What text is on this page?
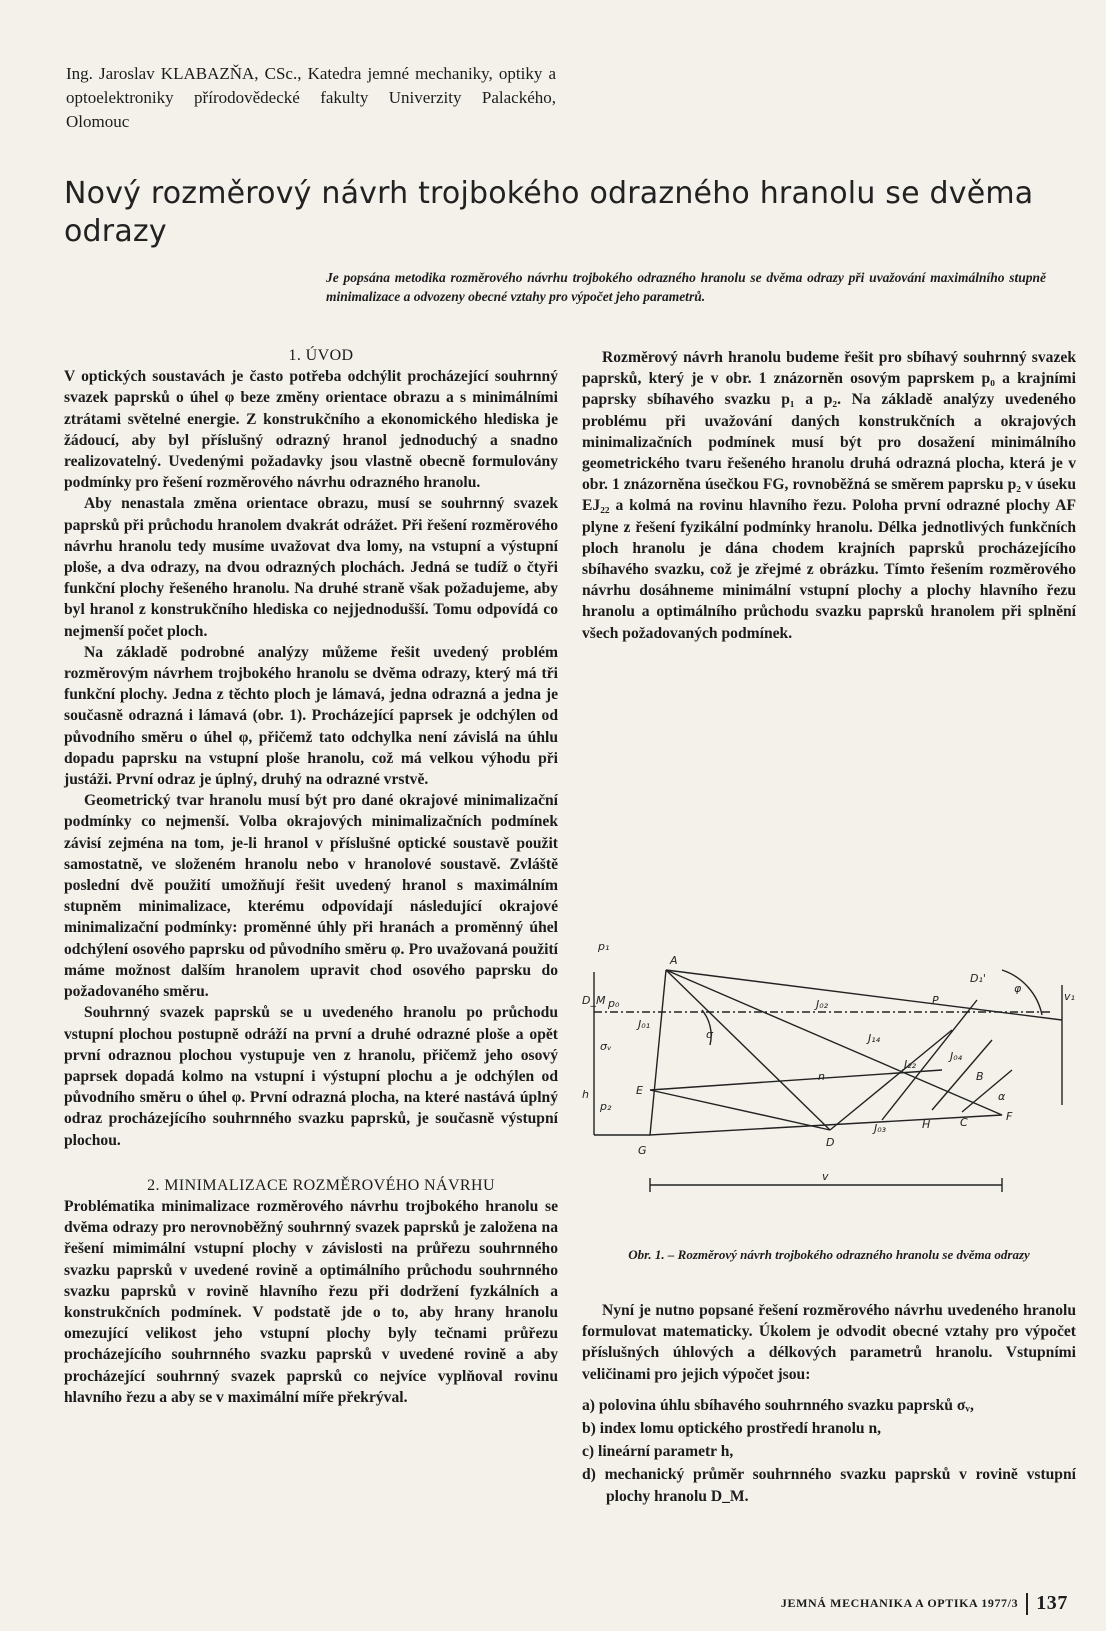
Ing. Jaroslav KLABAZŇA, CSc., Katedra jemné mechaniky, optiky a optoelektroniky přírodovědecké fakulty Univerzity Palackého, Olomouc
Nový rozměrový návrh trojbokého odrazného hranolu se dvěma odrazy
Je popsána metodika rozměrového návrhu trojbokého odrazného hranolu se dvěma odrazy při uvažování maximálního stupně minimalizace a odvozeny obecné vztahy pro výpočet jeho parametrů.

1. ÚVOD

V optických soustavách je často potřeba odchýlit procházející souhrnný svazek paprsků o úhel φ beze změny orientace obrazu a s minimálními ztrátami světelné energie. Z konstrukčního a ekonomického hlediska je žádoucí, aby byl příslušný odrazný hranol jednoduchý a snadno realizovatelný. Uvedenými požadavky jsou vlastně obecně formulovány podmínky pro řešení rozměrového návrhu odrazného hranolu.

Aby nenastala změna orientace obrazu, musí se souhrnný svazek paprsků při průchodu hranolem dvakrát odrážet. Při řešení rozměrového návrhu hranolu tedy musíme uvažovat dva lomy, na vstupní a výstupní ploše, a dva odrazy, na dvou odrazných plochách. Jedná se tudíž o čtyři funkční plochy řešeného hranolu. Na druhé straně však požadujeme, aby byl hranol z konstrukčního hlediska co nejjednodušší. Tomu odpovídá co nejmenší počet ploch.

Na základě podrobné analýzy můžeme řešit uvedený problém rozměrovým návrhem trojbokého hranolu se dvěma odrazy, který má tři funkční plochy. Jedna z těchto ploch je lámavá, jedna odrazná a jedna je současně odrazná i lámavá (obr. 1). Procházející paprsek je odchýlen od původního směru o úhel φ, přičemž tato odchylka není závislá na úhlu dopadu paprsku na vstupní ploše hranolu, což má velkou výhodu při justáži. První odraz je úplný, druhý na odrazné vrstvě.

Geometrický tvar hranolu musí být pro dané okrajové minimalizační podmínky co nejmenší. Volba okrajových minimalizačních podmínek závisí zejména na tom, je-li hranol v příslušné optické soustavě použit samostatně, ve složeném hranolu nebo v hranolové soustavě. Zvláště poslední dvě použití umožňují řešit uvedený hranol s maximálním stupněm minimalizace, kterému odpovídají následující okrajové minimalizační podmínky: proměnné úhly při hranách a proměnný úhel odchýlení osového paprsku od původního směru φ. Pro uvažovaná použití máme možnost dalším hranolem upravit chod osového paprsku do požadovaného směru.

Souhrnný svazek paprsků se u uvedeného hranolu po průchodu vstupní plochou postupně odráží na první a druhé odrazné ploše a opět první odraznou plochou vystupuje ven z hranolu, přičemž jeho osový paprsek dopadá kolmo na vstupní i výstupní plochu a je odchýlen od původního směru o úhel φ. První odrazná plocha, na které nastává úplný odraz procházejícího souhrnného svazku paprsků, je současně výstupní plochou.

2. MINIMALIZACE ROZMĚROVÉHO NÁVRHU

Problématika minimalizace rozměrového návrhu trojbokého hranolu se dvěma odrazy pro nerovnoběžný souhrnný svazek paprsků je založena na řešení mimimální vstupní plochy v závislosti na průřezu souhrnného svazku paprsků v uvedené rovině a optimálního průchodu souhrnného svazku paprsků v rovině hlavního řezu při dodržení fyzkálních a konstrukčních podmínek. V podstatě jde o to, aby hrany hranolu omezující velikost jeho vstupní plochy byly tečnami průřezu procházejícího souhrnného svazku paprsků v uvedené rovině a aby procházející souhrnný svazek paprsků co nejvíce vyplňoval rovinu hlavního řezu a aby se v maximální míře překrýval.

Rozměrový návrh hranolu budeme řešit pro sbíhavý souhrnný svazek paprsků, který je v obr. 1 znázorněn osovým paprskem p₀ a krajními paprsky sbíhavého svazku p₁ a p₂. Na základě analýzy uvedeného problému při uvažování daných konstrukčních a okrajových minimalizačních podmínek musí být pro dosažení minimálního geometrického tvaru řešeného hranolu druhá odrazná plocha, která je v obr. 1 znázorněna úsečkou FG, rovnoběžná se směrem paprsku p₂ v úseku EJ₂₂ a kolmá na rovinu hlavního řezu. Poloha první odrazné plochy AF plyne z řešení fyzikální podmínky hranolu. Délka jednotlivých funkčních ploch hranolu je dána chodem krajních paprsků procházejícího sbíhavého svazku, což je zřejmé z obrázku. Tímto řešením rozměrového návrhu dosáhneme minimální vstupní plochy a plochy hlavního řezu hranolu a optimálního průchodu svazku paprsků hranolem při splnění všech požadovaných podmínek.

p₁
A
p₀
J₀₁
J₀₂	P	v₁
φ
D₁'
σ
σᵥ
J₁₄
J₀₄
J₂₂
n	B
α
E
p₂
D
J₀₃	H	C	F
G
v
D_M
h
Obr. 1. – Rozměrový návrh trojbokého odrazného hranolu se dvěma odrazy

Nyní je nutno popsané řešení rozměrového návrhu uvedeného hranolu formulovat matematicky. Úkolem je odvodit obecné vztahy pro výpočet příslušných úhlových a délkových parametrů hranolu. Vstupními veličinami pro jejich výpočet jsou:

a) polovina úhlu sbíhavého souhrnného svazku paprsků σᵥ,
b) index lomu optického prostředí hranolu n,
c) lineární parametr h,
d) mechanický průměr souhrnného svazku paprsků v rovině vstupní plochy hranolu D_M.
JEMNÁ MECHANIKA A OPTIKA 1977/3 137
